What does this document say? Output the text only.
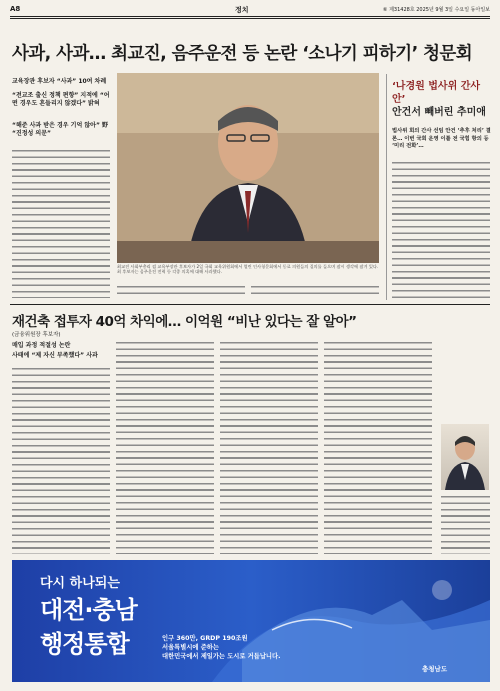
A8	정치	⑥ 제31428호 2025년 9월 3일 수요일 동아일보
사과, 사과… 최교진, 음주운전 등 논란 ‘소나기 피하기’ 청문회
교육장관 후보자 “사과” 10여 차례
“전교조 출신 정책 편향” 지적에 “어떤 경우도 흔들리지 않겠다” 밝혀
“해준 사과 받은 경우 기억 않아” 野 “진정성 의문”
최교진 사회부총리 겸 교육부장관 후보자가 2일 국회 교육위원회에서 열린 인사청문회에서 동료 의원들의 질의를 들으며 잠시 생각에 잠겨 있다. 최 후보자는 음주운전 전력 등 각종 의혹에 대해 사과했다.
‘나경원 법사위 간사안’
안건서 빼버린 추미애
법사위 회의 간사 선임 안건 ‘추후 처리’ 결론… 이번 국회 운영 이틀 전 국힘 항의 등 ‘미리 전화’…
재건축 접투자 40억 차익에… 이억원 “비난 있다는 잘 알아”
(금융위원장 후보자)
매입 과정 적절성 논란
사태에 “제 자신 부족했다” 사과
다시 하나되는
대전·충남
행정통합	인구 360만, GRDP 190조원
서울특별시에 준하는
대한민국에서 제일가는 도시로 거듭납니다.
충청남도
